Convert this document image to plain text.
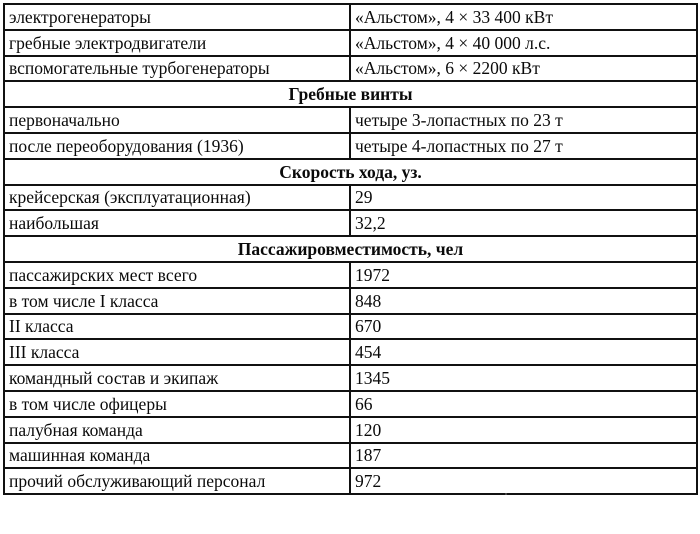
электрогенераторы	«Альстом», 4 × 33 400 кВт
гребные электродвигатели	«Альстом», 4 × 40 000 л.с.
вспомогательные турбогенераторы	«Альстом», 6 × 2200 кВт
Гребные винты	
первоначально	четыре 3-лопастных по 23 т
после переоборудования (1936)	четыре 4-лопастных по 27 т
Скорость хода, уз.	
крейсерская (эксплуатационная)	29
наибольшая	32,2
Пассажировместимость, чел	
пассажирских мест всего	1972
в том числе I класса	848
II класса	670
III класса	454
командный состав и экипаж	1345
в том числе офицеры	66
палубная команда	120
машинная команда	187
прочий обслуживающий персонал	972
